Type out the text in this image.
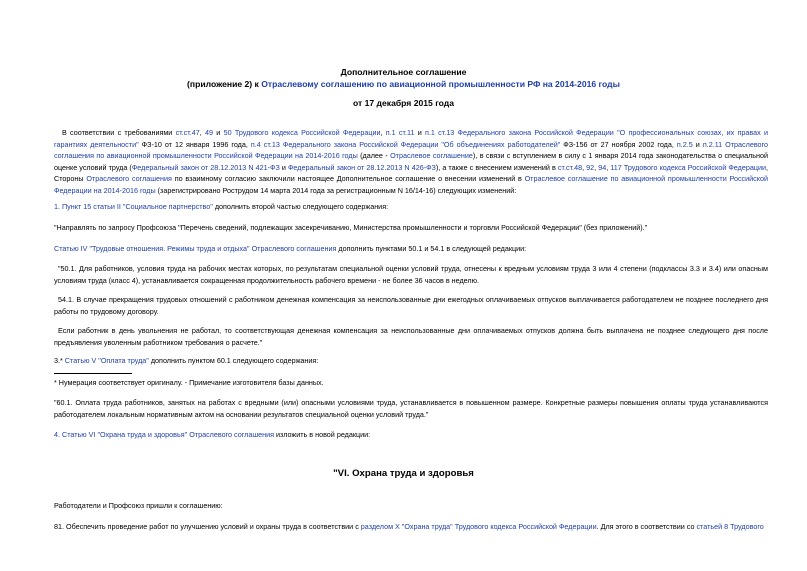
Дополнительное соглашение
(приложение 2) к Отраслевому соглашению по авиационной промышленности РФ на 2014-2016 годы
от 17 декабря 2015 года

В соответствии с требованиями ст.ст.47, 49 и 50 Трудового кодекса Российской Федерации, п.1 ст.11 и п.1 ст.13 Федерального закона Российской Федерации "О профессиональных союзах, их правах и гарантиях деятельности" ФЗ-10 от 12 января 1996 года, п.4 ст.13 Федерального закона Российской Федерации "Об объединениях работодателей" ФЗ-156 от 27 ноября 2002 года, п.2.5 и п.2.11 Отраслевого соглашения по авиационной промышленности Российской Федерации на 2014-2016 годы (далее - Отраслевое соглашение), в связи с вступлением в силу с 1 января 2014 года законодательства о специальной оценке условий труда (Федеральный закон от 28.12.2013 N 421-ФЗ и Федеральный закон от 28.12.2013 N 426-ФЗ), а также с внесением изменений в ст.ст.48, 92, 94, 117 Трудового кодекса Российской Федерации, Стороны Отраслевого соглашения по взаимному согласию заключили настоящее Дополнительное соглашение о внесении изменений в Отраслевое соглашение по авиационной промышленности Российской Федерации на 2014-2016 годы (зарегистрировано Рострудом 14 марта 2014 года за регистрационным N 16/14-16) следующих изменений:

1. Пункт 15 статьи II "Социальное партнерство" дополнить второй частью следующего содержания:

"Направлять по запросу Профсоюза "Перечень сведений, подлежащих засекречиванию, Министерства промышленности и торговли Российской Федерации" (без приложений)."

Статью IV "Трудовые отношения. Режимы труда и отдыха" Отраслевого соглашения дополнить пунктами 50.1 и 54.1 в следующей редакции:

"50.1. Для работников, условия труда на рабочих местах которых, по результатам специальной оценки условий труда, отнесены к вредным условиям труда 3 или 4 степени (подклассы 3.3 и 3.4) или опасным условиям труда (класс 4), устанавливается сокращенная продолжительность рабочего времени - не более 36 часов в неделю.

54.1. В случае прекращения трудовых отношений с работником денежная компенсация за неиспользованные дни ежегодных оплачиваемых отпусков выплачивается работодателем не позднее последнего дня работы по трудовому договору.

Если работник в день увольнения не работал, то соответствующая денежная компенсация за неиспользованные дни оплачиваемых отпусков должна быть выплачена не позднее следующего дня после предъявления уволенным работником требования о расчете."

3.* Статью V "Оплата труда" дополнить пунктом 60.1 следующего содержания:

* Нумерация соответствует оригиналу. - Примечание изготовителя базы данных.

"60.1. Оплата труда работников, занятых на работах с вредными (или) опасными условиями труда, устанавливается в повышенном размере. Конкретные размеры повышения оплаты труда устанавливаются работодателем локальным нормативным актом на основании результатов специальной оценки условий труда."

4. Статью VI "Охрана труда и здоровья" Отраслевого соглашения изложить в новой редакции:

"VI. Охрана труда и здоровья

Работодатели и Профсоюз пришли к соглашению:

81. Обеспечить проведение работ по улучшению условий и охраны труда в соответствии с разделом X "Охрана труда" Трудового кодекса Российской Федерации. Для этого в соответствии со статьей 8 Трудового
